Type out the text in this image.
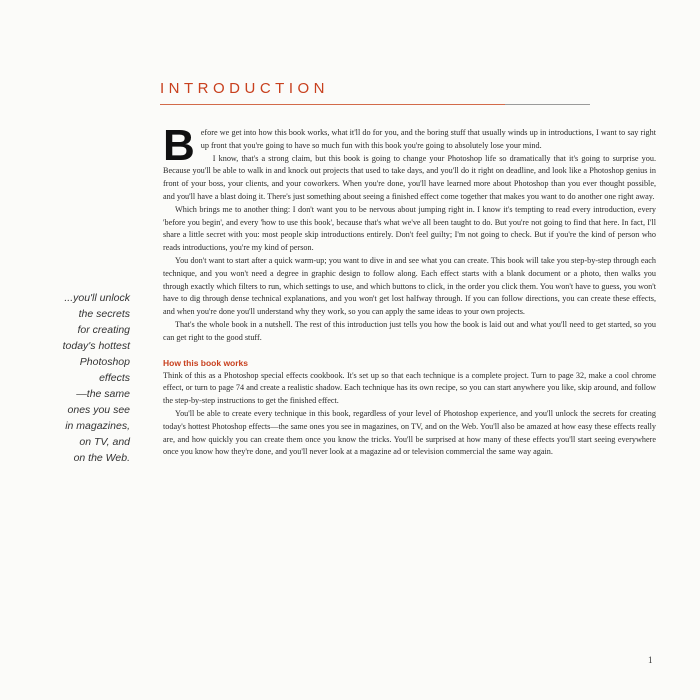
INTRODUCTION
...you'll unlock
the secrets
for creating
today's hottest
Photoshop
effects
—the same
ones you see
in magazines,
on TV, and
on the Web.

Before we get into how this book works, what it'll do for you, and the boring stuff that usually winds up in introductions, I want to say right up front that you're going to have so much fun with this book you're going to absolutely lose your mind.

I know, that's a strong claim, but this book is going to change your Photoshop life so dramatically that it's going to surprise you. Because you'll be able to walk in and knock out projects that used to take days, and you'll do it right on deadline, and look like a Photoshop genius in front of your boss, your clients, and your coworkers. When you're done, you'll have learned more about Photoshop than you ever thought possible, and you'll have a blast doing it. There's just something about seeing a finished effect come together that makes you want to do another one right away.

Which brings me to another thing: I don't want you to be nervous about jumping right in. I know it's tempting to read every introduction, every 'before you begin', and every 'how to use this book', because that's what we've all been taught to do. But you're not going to find that here. In fact, I'll share a little secret with you: most people skip introductions entirely. Don't feel guilty; I'm not going to check. But if you're the kind of person who reads introductions, you're my kind of person.

You don't want to start after a quick warm-up; you want to dive in and see what you can create. This book will take you step-by-step through each technique, and you won't need a degree in graphic design to follow along. Each effect starts with a blank document or a photo, then walks you through exactly which filters to run, which settings to use, and which buttons to click, in the order you click them. You won't have to guess, you won't have to dig through dense technical explanations, and you won't get lost halfway through. If you can follow directions, you can create these effects, and when you're done you'll understand why they work, so you can apply the same ideas to your own projects.

That's the whole book in a nutshell. The rest of this introduction just tells you how the book is laid out and what you'll need to get started, so you can get right to the good stuff.

How this book works

Think of this as a Photoshop special effects cookbook. It's set up so that each technique is a complete project. Turn to page 32, make a cool chrome effect, or turn to page 74 and create a realistic shadow. Each technique has its own recipe, so you can start anywhere you like, skip around, and follow the step-by-step instructions to get the finished effect.

You'll be able to create every technique in this book, regardless of your level of Photoshop experience, and you'll unlock the secrets for creating today's hottest Photoshop effects—the same ones you see in magazines, on TV, and on the Web. You'll also be amazed at how easy these effects really are, and how quickly you can create them once you know the tricks. You'll be surprised at how many of these effects you'll start seeing everywhere once you know how they're done, and you'll never look at a magazine ad or television commercial the same way again.

1
